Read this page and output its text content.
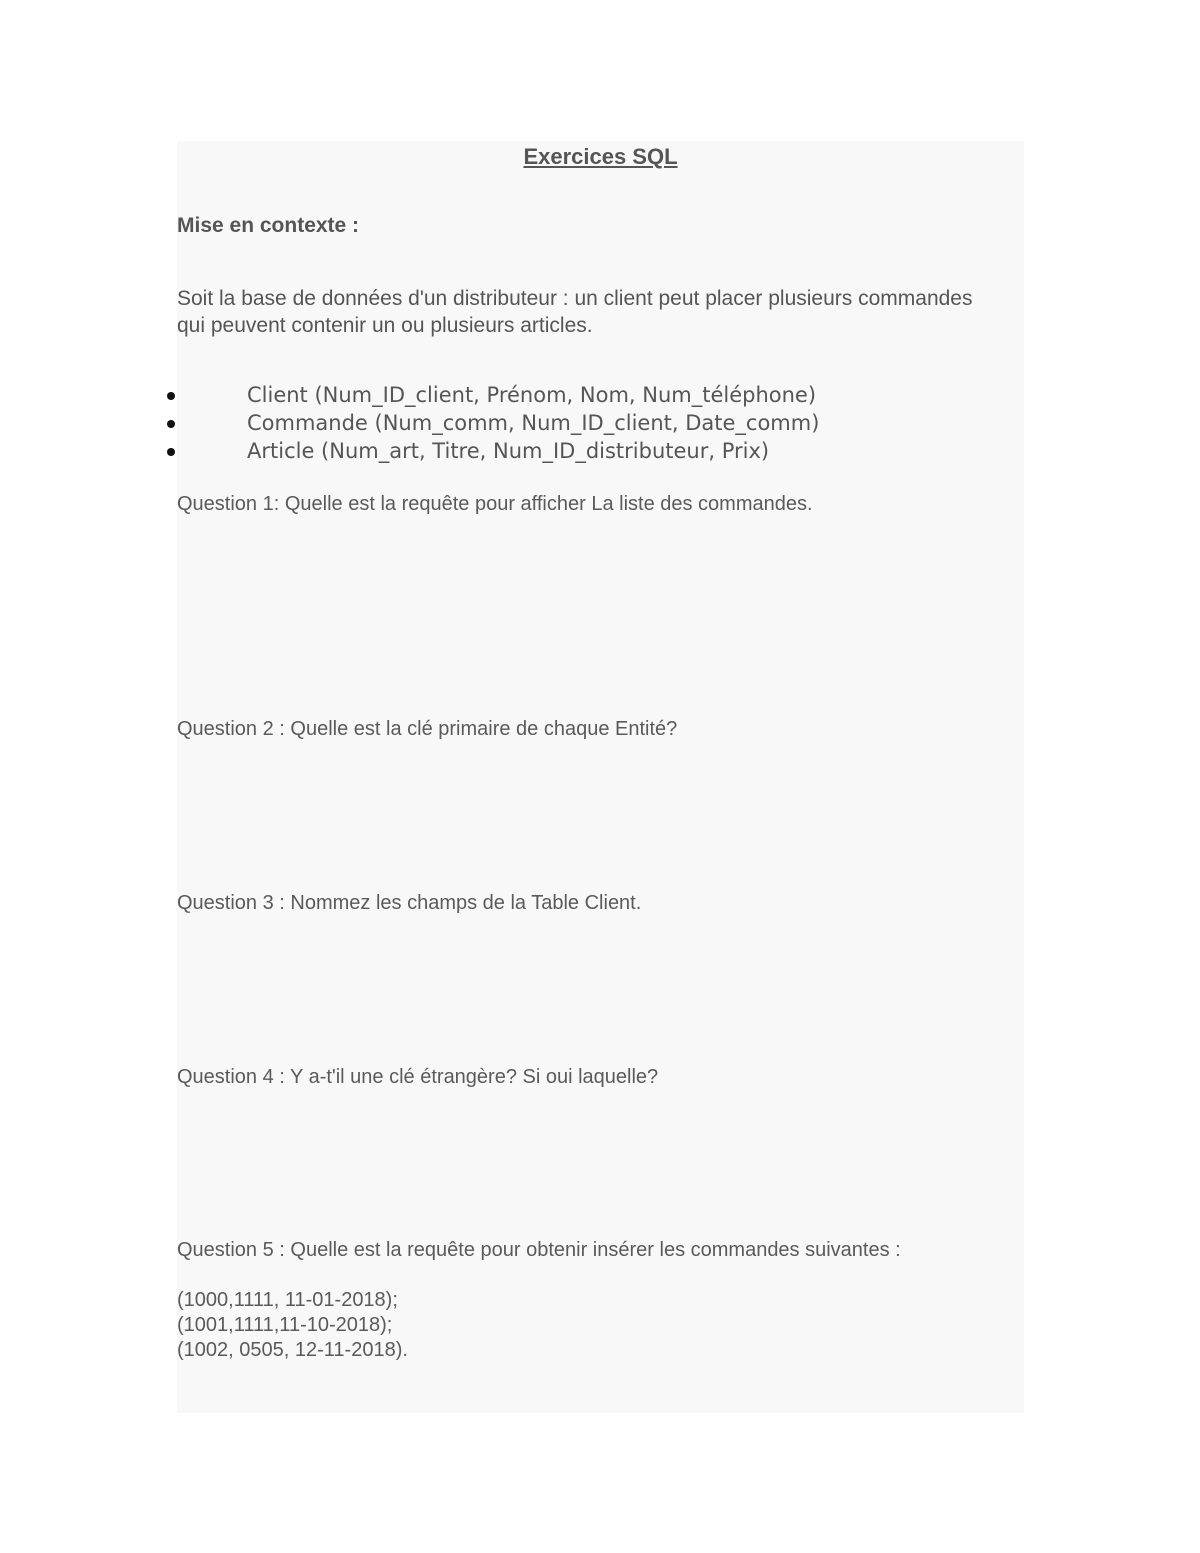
Exercices SQL

Mise en contexte :

Soit la base de données d'un distributeur : un client peut placer plusieurs commandes qui peuvent contenir un ou plusieurs articles.

Client (Num_ID_client, Prénom, Nom, Num_téléphone)
Commande (Num_comm, Num_ID_client, Date_comm)
Article (Num_art, Titre, Num_ID_distributeur, Prix)

Question 1: Quelle est la requête pour afficher La liste des commandes.

Question 2 : Quelle est la clé primaire de chaque Entité?

Question 3 : Nommez les champs de la Table Client.

Question 4 : Y a-t'il une clé étrangère? Si oui laquelle?

Question 5 : Quelle est la requête pour obtenir insérer les commandes suivantes :

(1000,1111, 11-01-2018);
(1001,1111,11-10-2018);
(1002, 0505, 12-11-2018).
